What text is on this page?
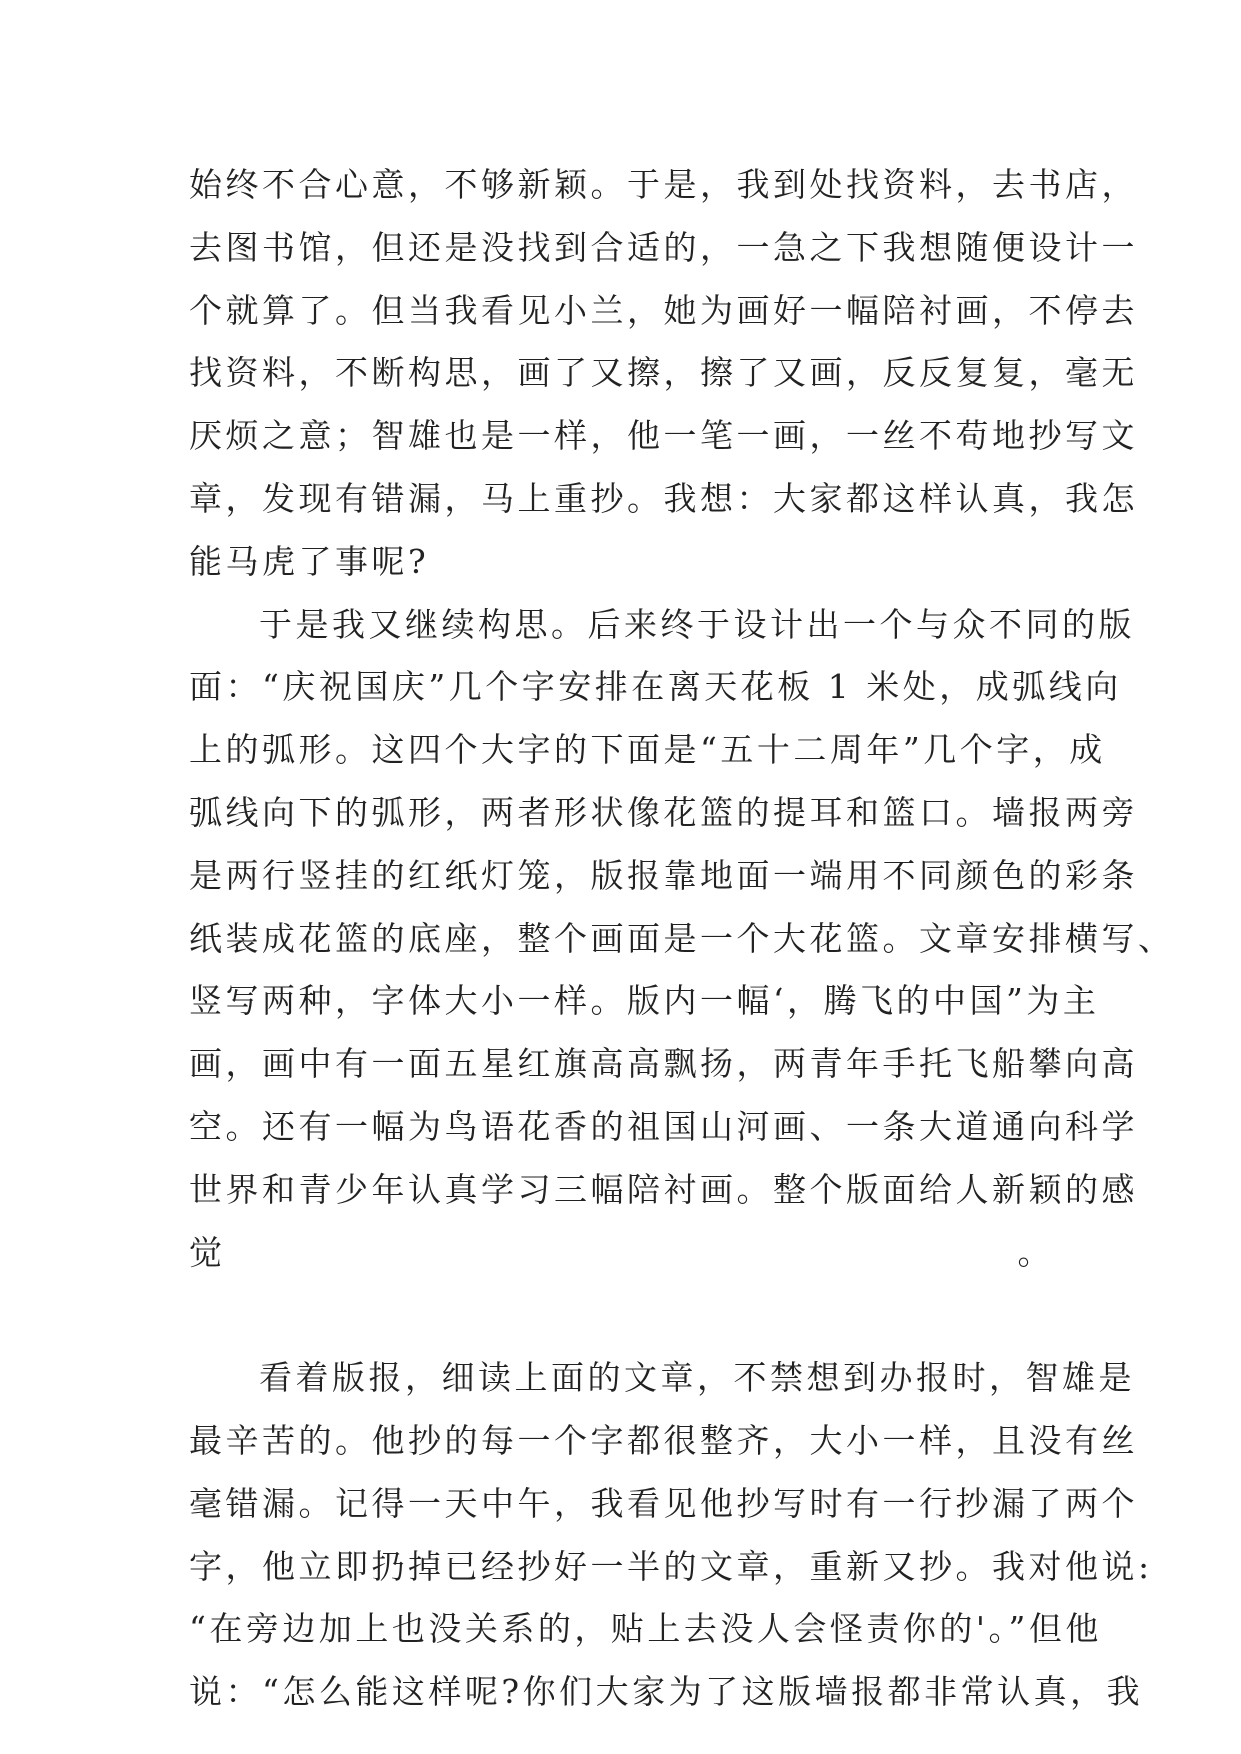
始终不合心意，不够新颖。于是，我到处找资料，去书店，
去图书馆，但还是没找到合适的，一急之下我想随便设计一
个就算了。但当我看见小兰，她为画好一幅陪衬画，不停去
找资料，不断构思，画了又擦，擦了又画，反反复复，毫无
厌烦之意；智雄也是一样，他一笔一画，一丝不苟地抄写文
章，发现有错漏，马上重抄。我想：大家都这样认真，我怎
能马虎了事呢?
于是我又继续构思。后来终于设计出一个与众不同的版
面：“庆祝国庆”几个字安排在离天花板 1 米处，成弧线向
上的弧形。这四个大字的下面是“五十二周年”几个字，成
弧线向下的弧形，两者形状像花篮的提耳和篮口。墙报两旁
是两行竖挂的红纸灯笼，版报靠地面一端用不同颜色的彩条
纸装成花篮的底座，整个画面是一个大花篮。文章安排横写、
竖写两种，字体大小一样。版内一幅‘，腾飞的中国”为主
画，画中有一面五星红旗高高飘扬，两青年手托飞船攀向高
空。还有一幅为鸟语花香的祖国山河画、一条大道通向科学
世界和青少年认真学习三幅陪衬画。整个版面给人新颖的感
觉。
看着版报，细读上面的文章，不禁想到办报时，智雄是
最辛苦的。他抄的每一个字都很整齐，大小一样，且没有丝
毫错漏。记得一天中午，我看见他抄写时有一行抄漏了两个
字，他立即扔掉已经抄好一半的文章，重新又抄。我对他说:
“在旁边加上也没关系的，贴上去没人会怪责你的'。”但他
说：“怎么能这样呢?你们大家为了这版墙报都非常认真，我
